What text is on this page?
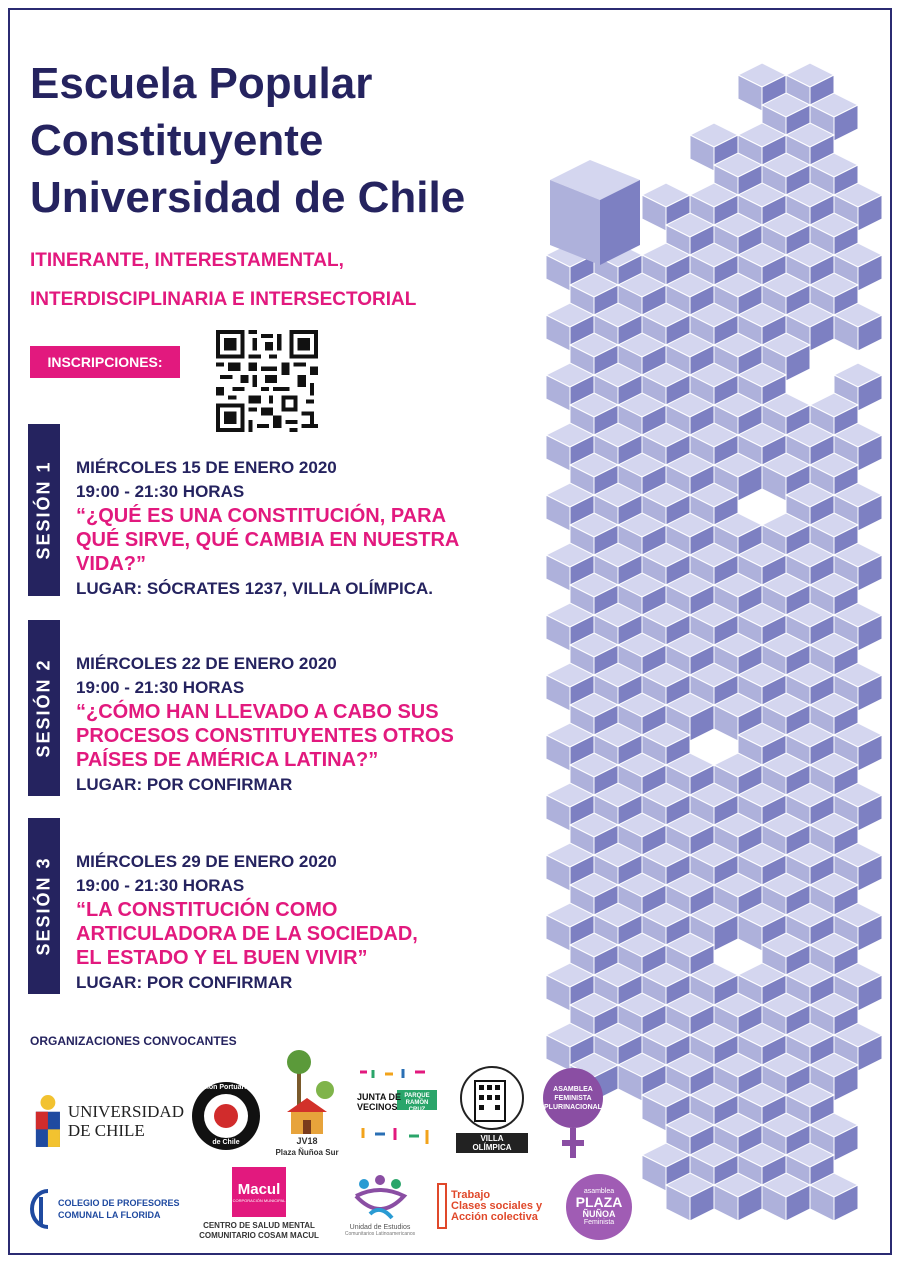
Escuela Popular
Constituyente
Universidad de Chile
ITINERANTE, INTERESTAMENTAL,
INTERDISCIPLINARIA E INTERSECTORIAL
INSCRIPCIONES:
SESIÓN 1 MIÉRCOLES 15 DE ENERO 2020
19:00 - 21:30 HORAS
“¿QUÉ ES UNA CONSTITUCIÓN, PARA
QUÉ SIRVE, QUÉ CAMBIA EN NUESTRA
VIDA?”
LUGAR: SÓCRATES 1237, VILLA OLÍMPICA.
SESIÓN 2 MIÉRCOLES 22 DE ENERO 2020
19:00 - 21:30 HORAS
“¿CÓMO HAN LLEVADO A CABO SUS
PROCESOS CONSTITUYENTES OTROS
PAÍSES DE AMÉRICA LATINA?”
LUGAR: POR CONFIRMAR
SESIÓN 3 MIÉRCOLES 29 DE ENERO 2020
19:00 - 21:30 HORAS
“LA CONSTITUCIÓN COMO
ARTICULADORA DE LA SOCIEDAD,
EL ESTADO Y EL BUEN VIVIR”
LUGAR: POR CONFIRMAR
ORGANIZACIONES CONVOCANTES
UNIVERSIDAD
DE CHILE
Unión Portuarios
de Chile	JV18
Plaza Ñuñoa Sur
JUNTA DE
VECINOS
PARQUE
RAMÓN CRUZ
VILLA OLÍMPICA
ASAMBLEA
FEMINISTA
PLURINACIONAL
COLEGIO DE PROFESORES
COMUNAL LA FLORIDA
Macul
CORPORACIÓN MUNICIPAL
CENTRO DE SALUD MENTAL
COMUNITARIO COSAM MACUL
Unidad de Estudios
Comunitarios Latinoamericanos
Trabajo
Clases sociales y
Acción colectiva
asamblea
PLAZA
ÑUÑOA
Feminista
